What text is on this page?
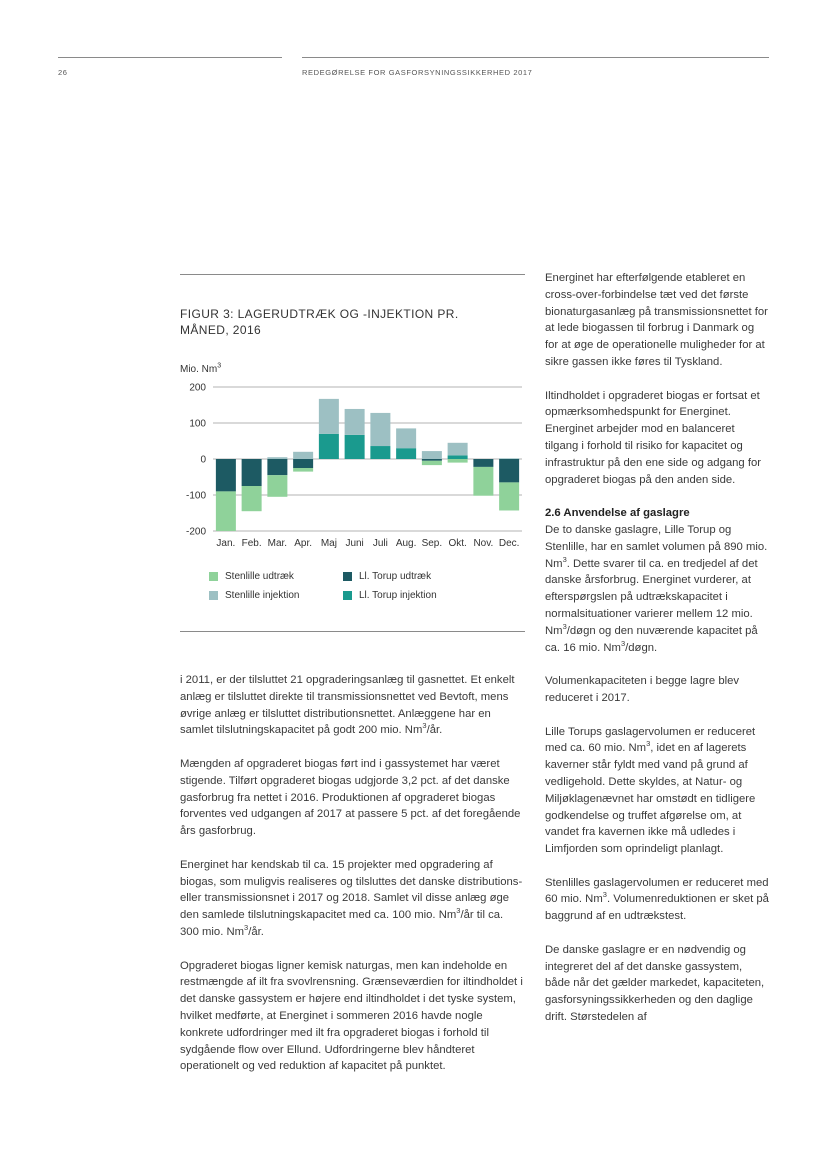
26	REDEGØRELSE FOR GASFORSYNINGSSIKKERHED 2017
FIGUR 3: LAGERUDTRÆK OG -INJEKTION PR. MÅNED, 2016
Mio. Nm$^3$
200
100
0
-100
-200
Jan. Feb. Mar. Apr. Maj Juni Juli Aug. Sep. Okt. Nov. Dec.
Stenlille udtræk
Stenlille injektion
Ll. Torup udtræk
Ll. Torup injektion

i 2011, er der tilsluttet 21 opgraderingsanlæg til gasnettet. Et enkelt anlæg er tilsluttet direkte til transmissionsnettet ved Bevtoft, mens øvrige anlæg er tilsluttet distributionsnettet. Anlæggene har en samlet tilslutningskapacitet på godt 200 mio. Nm$^3$/år.

Mængden af opgraderet biogas ført ind i gassystemet har været stigende. Tilført opgraderet biogas udgjorde 3,2 pct. af det danske gasforbrug fra nettet i 2016. Produktionen af opgraderet biogas forventes ved udgangen af 2017 at passere 5 pct. af det foregående års gasforbrug.

Energinet har kendskab til ca. 15 projekter med opgradering af biogas, som muligvis realiseres og tilsluttes det danske distributions- eller transmissionsnet i 2017 og 2018. Samlet vil disse anlæg øge den samlede tilslutningskapacitet med ca. 100 mio. Nm$^3$/år til ca. 300 mio. Nm$^3$/år.

Opgraderet biogas ligner kemisk naturgas, men kan indeholde en restmængde af ilt fra svovlrensning. Grænseværdien for iltindholdet i det danske gassystem er højere end iltindholdet i det tyske system, hvilket medførte, at Energinet i sommeren 2016 havde nogle konkrete udfordringer med ilt fra opgraderet biogas i forhold til sydgående flow over Ellund. Udfordringerne blev håndteret operationelt og ved reduktion af kapacitet på punktet.

Energinet har efterfølgende etableret en cross-over-forbindelse tæt ved det første bionaturgasanlæg på transmissionsnettet for at lede biogassen til forbrug i Danmark og for at øge de operationelle muligheder for at sikre gassen ikke føres til Tyskland.

Iltindholdet i opgraderet biogas er fortsat et opmærksomhedspunkt for Energinet. Energinet arbejder mod en balanceret tilgang i forhold til risiko for kapacitet og infrastruktur på den ene side og adgang for opgraderet biogas på den anden side.

2.6 Anvendelse af gaslagre

De to danske gaslagre, Lille Torup og Stenlille, har en samlet volumen på 890 mio. Nm$^3$. Dette svarer til ca. en tredjedel af det danske årsforbrug. Energinet vurderer, at efterspørgslen på udtrækskapacitet i normalsituationer varierer mellem 12 mio. Nm$^3$/døgn og den nuværende kapacitet på ca. 16 mio. Nm$^3$/døgn.

Volumenkapaciteten i begge lagre blev reduceret i 2017.

Lille Torups gaslagervolumen er reduceret med ca. 60 mio. Nm$^3$, idet en af lagerets kaverner står fyldt med vand på grund af vedligehold. Dette skyldes, at Natur- og Miljøklagenævnet har omstødt en tidligere godkendelse og truffet afgørelse om, at vandet fra kavernen ikke må udledes i Limfjorden som oprindeligt planlagt.

Stenlilles gaslagervolumen er reduceret med 60 mio. Nm$^3$. Volumenreduktionen er sket på baggrund af en udtrækstest.

De danske gaslagre er en nødvendig og integreret del af det danske gassystem, både når det gælder markedet, kapaciteten, gasforsyningssikkerheden og den daglige drift. Størstedelen af
